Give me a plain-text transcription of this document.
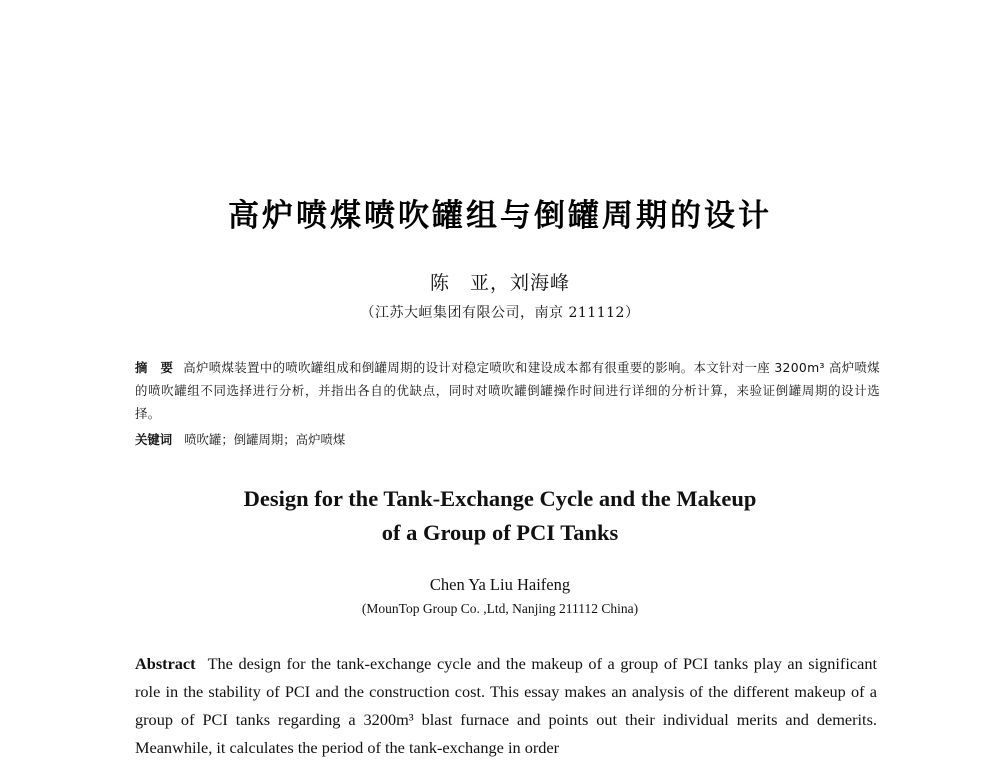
高炉喷煤喷吹罐组与倒罐周期的设计
陈　亚，刘海峰
（江苏大峘集团有限公司，南京 211112）
摘　要 高炉喷煤装置中的喷吹罐组成和倒罐周期的设计对稳定喷吹和建设成本都有很重要的影响。本文针对一座 3200m³ 高炉喷煤的喷吹罐组不同选择进行分析，并指出各自的优缺点，同时对喷吹罐倒罐操作时间进行详细的分析计算，来验证倒罐周期的设计选择。
关键词 喷吹罐；倒罐周期；高炉喷煤
Design for the Tank-Exchange Cycle and the Makeup
of a Group of PCI Tanks
Chen Ya Liu Haifeng
(MounTop Group Co. ,Ltd, Nanjing 211112 China)
Abstract The design for the tank-exchange cycle and the makeup of a group of PCI tanks play an significant role in the stability of PCI and the construction cost. This essay makes an analysis of the different makeup of a group of PCI tanks regarding a 3200m³ blast furnace and points out their individual merits and demerits. Meanwhile, it calculates the period of the tank-exchange in order
